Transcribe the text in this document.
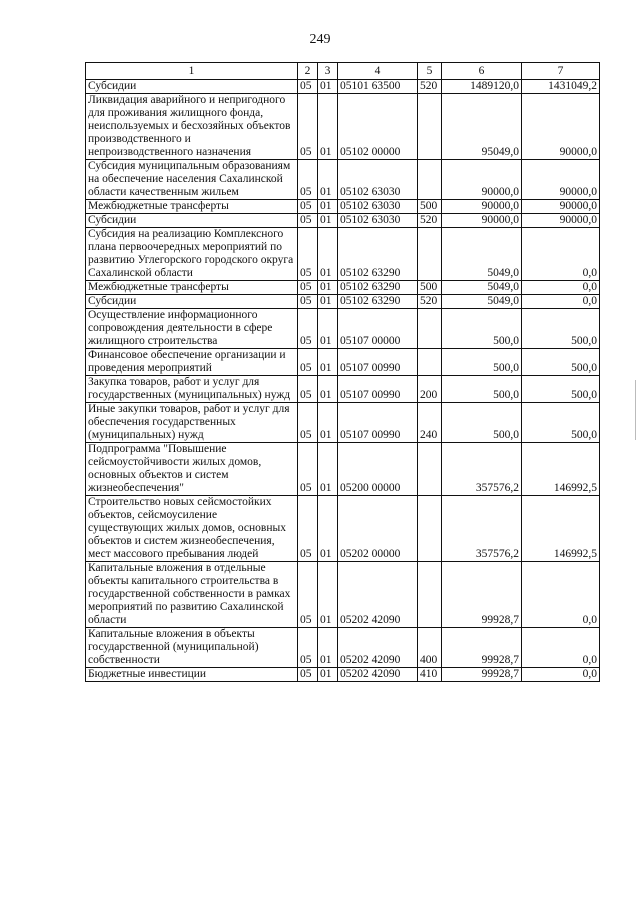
249
1	2	3	4	5	6	7
Субсидии	05	01	05101 63500	520	1489120,0	1431049,2
Ликвидация аварийного и непригодного для проживания жилищного фонда, неиспользуемых и бесхозяйных объектов производственного и непроизводственного назначения	05	01	05102 00000		95049,0	90000,0
Субсидия муниципальным образованиям на обеспечение населения Сахалинской области качественным жильем	05	01	05102 63030		90000,0	90000,0
Межбюджетные трансферты	05	01	05102 63030	500	90000,0	90000,0
Субсидии	05	01	05102 63030	520	90000,0	90000,0
Субсидия на реализацию Комплексного плана первоочередных мероприятий по развитию Углегорского городского округа Сахалинской области	05	01	05102 63290		5049,0	0,0
Межбюджетные трансферты	05	01	05102 63290	500	5049,0	0,0
Субсидии	05	01	05102 63290	520	5049,0	0,0
Осуществление информационного сопровождения деятельности в сфере жилищного строительства	05	01	05107 00000		500,0	500,0
Финансовое обеспечение организации и проведения мероприятий	05	01	05107 00990		500,0	500,0
Закупка товаров, работ и услуг для государственных (муниципальных) нужд	05	01	05107 00990	200	500,0	500,0
Иные закупки товаров, работ и услуг для обеспечения государственных (муниципальных) нужд	05	01	05107 00990	240	500,0	500,0
Подпрограмма "Повышение сейсмоустойчивости жилых домов, основных объектов и систем жизнеобеспечения"	05	01	05200 00000		357576,2	146992,5
Строительство новых сейсмостойких объектов, сейсмоусиление существующих жилых домов, основных объектов и систем жизнеобеспечения, мест массового пребывания людей	05	01	05202 00000		357576,2	146992,5
Капитальные вложения в отдельные объекты капитального строительства в государственной собственности в рамках мероприятий по развитию Сахалинской области	05	01	05202 42090		99928,7	0,0
Капитальные вложения в объекты государственной (муниципальной) собственности	05	01	05202 42090	400	99928,7	0,0
Бюджетные инвестиции	05	01	05202 42090	410	99928,7	0,0
